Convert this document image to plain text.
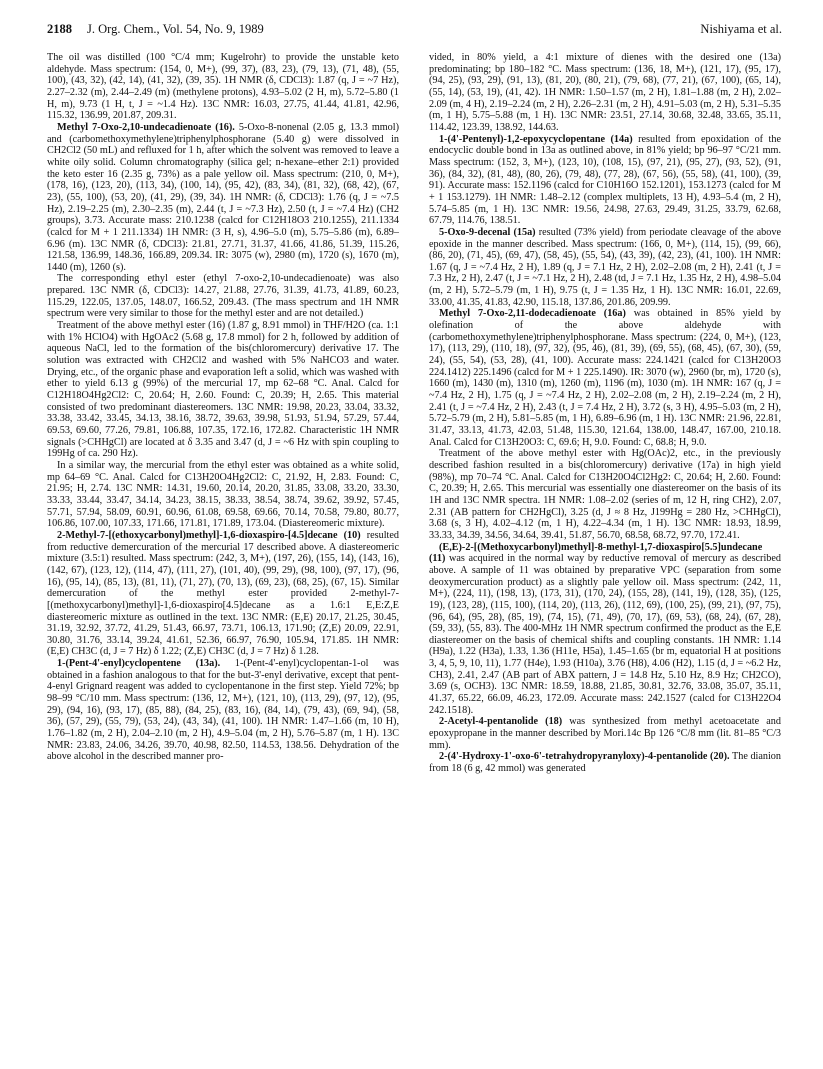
2188 J. Org. Chem., Vol. 54, No. 9, 1989	Nishiyama et al.

The oil was distilled (100 °C/4 mm; Kugelrohr) to provide the unstable keto aldehyde. Mass spectrum: (154, 0, M+), (99, 37), (83, 23), (79, 13), (71, 48), (55, 100), (43, 32), (42, 14), (41, 32), (39, 35). 1H NMR (δ, CDCl3): 1.87 (q, J = ~7 Hz), 2.27–2.32 (m), 2.44–2.49 (m) (methylene protons), 4.93–5.02 (2 H, m), 5.72–5.80 (1 H, m), 9.73 (1 H, t, J = ~1.4 Hz). 13C NMR: 16.03, 27.75, 41.44, 41.81, 42.96, 115.32, 136.99, 201.87, 209.31.

Methyl 7-Oxo-2,10-undecadienoate (16). 5-Oxo-8-nonenal (2.05 g, 13.3 mmol) and (carbomethoxymethylene)triphenylphosphorane (5.40 g) were dissolved in CH2Cl2 (50 mL) and refluxed for 1 h, after which the solvent was removed to leave a white oily solid. Column chromatography (silica gel; n-hexane–ether 2:1) provided the keto ester 16 (2.35 g, 73%) as a pale yellow oil. Mass spectrum: (210, 0, M+), (178, 16), (123, 20), (113, 34), (100, 14), (95, 42), (83, 34), (81, 32), (68, 42), (67, 23), (55, 100), (53, 20), (41, 29), (39, 34). 1H NMR: (δ, CDCl3): 1.76 (q, J = ~7.5 Hz), 2.19–2.25 (m), 2.30–2.35 (m), 2.44 (t, J = ~7.3 Hz), 2.50 (t, J = ~7.4 Hz) (CH2 groups), 3.73. Accurate mass: 210.1238 (calcd for C12H18O3 210.1255), 211.1334 (calcd for M + 1 211.1334) 1H NMR: (3 H, s), 4.96–5.0 (m), 5.75–5.86 (m), 6.89–6.96 (m). 13C NMR (δ, CDCl3): 21.81, 27.71, 31.37, 41.66, 41.86, 51.39, 115.26, 121.58, 136.99, 148.36, 166.89, 209.34. IR: 3075 (w), 2980 (m), 1720 (s), 1670 (m), 1440 (m), 1260 (s).

The corresponding ethyl ester (ethyl 7-oxo-2,10-undecadienoate) was also prepared. 13C NMR (δ, CDCl3): 14.27, 21.88, 27.76, 31.39, 41.73, 41.89, 60.23, 115.29, 122.05, 137.05, 148.07, 166.52, 209.43. (The mass spectrum and 1H NMR spectrum were very similar to those for the methyl ester and are not detailed.)

Treatment of the above methyl ester (16) (1.87 g, 8.91 mmol) in THF/H2O (ca. 1:1 with 1% HClO4) with HgOAc2 (5.68 g, 17.8 mmol) for 2 h, followed by addition of aqueous NaCl, led to the formation of the bis(chloromercury) derivative 17. The solution was extracted with CH2Cl2 and washed with 5% NaHCO3 and water. Drying, etc., of the organic phase and evaporation left a solid, which was washed with ether to yield 6.13 g (99%) of the mercurial 17, mp 62–68 °C. Anal. Calcd for C12H18O4Hg2Cl2: C, 20.64; H, 2.60. Found: C, 20.39; H, 2.65. This material consisted of two predominant diastereomers. 13C NMR: 19.98, 20.23, 33.04, 33.32, 33.38, 33.42, 33.45, 34.13, 38.16, 38.72, 39.63, 39.98, 51.93, 51.94, 57.29, 57.44, 69.53, 69.60, 77.26, 79.81, 106.88, 107.35, 172.16, 172.82. Characteristic 1H NMR signals (>CHHgCl) are located at δ 3.35 and 3.47 (d, J = ~6 Hz with spin coupling to 199Hg of ca. 290 Hz).

In a similar way, the mercurial from the ethyl ester was obtained as a white solid, mp 64–69 °C. Anal. Calcd for C13H20O4Hg2Cl2: C, 21.92, H, 2.83. Found: C, 21.95; H, 2.74. 13C NMR: 14.31, 19.60, 20.14, 20.20, 31.85, 33.08, 33.20, 33.30, 33.33, 33.44, 33.47, 34.14, 34.23, 38.15, 38.33, 38.54, 38.74, 39.62, 39.92, 57.45, 57.71, 57.94, 58.09, 60.91, 60.96, 61.08, 69.58, 69.66, 70.14, 70.58, 79.80, 80.77, 106.86, 107.00, 107.33, 171.66, 171.81, 171.89, 173.04. (Diastereomeric mixture).

2-Methyl-7-[(ethoxycarbonyl)methyl]-1,6-dioxaspiro-[4.5]decane (10) resulted from reductive demercuration of the mercurial 17 described above. A diastereomeric mixture (3.5:1) resulted. Mass spectrum: (242, 3, M+), (197, 26), (155, 14), (143, 16), (142, 67), (123, 12), (114, 47), (111, 27), (101, 40), (99, 29), (98, 100), (97, 17), (96, 16), (95, 14), (85, 13), (81, 11), (71, 27), (70, 13), (69, 23), (68, 25), (67, 15). Similar demercuration of the methyl ester provided 2-methyl-7-[(methoxycarbonyl)methyl]-1,6-dioxaspiro[4.5]decane as a 1.6:1 E,E:Z,E diastereomeric mixture as outlined in the text. 13C NMR: (E,E) 20.17, 21.25, 30.45, 31.19, 32.92, 37.72, 41.29, 51.43, 66.97, 73.71, 106.13, 171.90; (Z,E) 20.09, 22.91, 30.80, 31.76, 33.14, 39.24, 41.61, 52.36, 66.97, 76.90, 105.94, 171.85. 1H NMR: (E,E) CH3C (d, J = 7 Hz) δ 1.22; (Z,E) CH3C (d, J = 7 Hz) δ 1.28.

1-(Pent-4'-enyl)cyclopentene (13a). 1-(Pent-4'-enyl)cyclopentan-1-ol was obtained in a fashion analogous to that for the but-3'-enyl derivative, except that pent-4-enyl Grignard reagent was added to cyclopentanone in the first step. Yield 72%; bp 98–99 °C/10 mm. Mass spectrum: (136, 12, M+), (121, 10), (113, 29), (97, 12), (95, 29), (94, 16), (93, 17), (85, 88), (84, 25), (83, 16), (84, 14), (79, 43), (69, 94), (58, 36), (57, 29), (55, 79), (53, 24), (43, 34), (41, 100). 1H NMR: 1.47–1.66 (m, 10 H), 1.76–1.82 (m, 2 H), 2.04–2.10 (m, 2 H), 4.9–5.04 (m, 2 H), 5.76–5.87 (m, 1 H). 13C NMR: 23.83, 24.06, 34.26, 39.70, 40.98, 82.50, 114.53, 138.56. Dehydration of the above alcohol in the described manner pro-

vided, in 80% yield, a 4:1 mixture of dienes with the desired one (13a) predominating; bp 180–182 °C. Mass spectrum: (136, 18, M+), (121, 17), (95, 17), (94, 25), (93, 29), (91, 13), (81, 20), (80, 21), (79, 68), (77, 21), (67, 100), (65, 14), (55, 14), (53, 19), (41, 42). 1H NMR: 1.50–1.57 (m, 2 H), 1.81–1.88 (m, 2 H), 2.02–2.09 (m, 4 H), 2.19–2.24 (m, 2 H), 2.26–2.31 (m, 2 H), 4.91–5.03 (m, 2 H), 5.31–5.35 (m, 1 H), 5.75–5.88 (m, 1 H). 13C NMR: 23.51, 27.14, 30.68, 32.48, 33.65, 35.11, 114.42, 123.39, 138.92, 144.63.

1-(4'-Pentenyl)-1,2-epoxycyclopentane (14a) resulted from epoxidation of the endocyclic double bond in 13a as outlined above, in 81% yield; bp 96–97 °C/21 mm. Mass spectrum: (152, 3, M+), (123, 10), (108, 15), (97, 21), (95, 27), (93, 52), (91, 36), (84, 32), (81, 48), (80, 26), (79, 48), (77, 28), (67, 56), (55, 58), (41, 100), (39, 91). Accurate mass: 152.1196 (calcd for C10H16O 152.1201), 153.1273 (calcd for M + 1 153.1279). 1H NMR: 1.48–2.12 (complex multiplets, 13 H), 4.93–5.4 (m, 2 H), 5.74–5.85 (m, 1 H). 13C NMR: 19.56, 24.98, 27.63, 29.49, 31.25, 33.79, 62.68, 67.79, 114.76, 138.51.

5-Oxo-9-decenal (15a) resulted (73% yield) from periodate cleavage of the above epoxide in the manner described. Mass spectrum: (166, 0, M+), (114, 15), (99, 66), (86, 20), (71, 45), (69, 47), (58, 45), (55, 54), (43, 39), (42, 23), (41, 100). 1H NMR: 1.67 (q, J = ~7.4 Hz, 2 H), 1.89 (q, J = 7.1 Hz, 2 H), 2.02–2.08 (m, 2 H), 2.41 (t, J = 7.3 Hz, 2 H), 2.47 (t, J = ~7.1 Hz, 2 H), 2.48 (td, J = 7.1 Hz, 1.35 Hz, 2 H), 4.98–5.04 (m, 2 H), 5.72–5.79 (m, 1 H), 9.75 (t, J = 1.35 Hz, 1 H). 13C NMR: 16.01, 22.69, 33.00, 41.35, 41.83, 42.90, 115.18, 137.86, 201.86, 209.99.

Methyl 7-Oxo-2,11-dodecadienoate (16a) was obtained in 85% yield by olefination of the above aldehyde with (carbomethoxymethylene)triphenylphosphorane. Mass spectrum: (224, 0, M+), (123, 17), (113, 29), (110, 18), (97, 32), (95, 46), (81, 39), (69, 55), (68, 45), (67, 30), (59, 24), (55, 54), (53, 28), (41, 100). Accurate mass: 224.1421 (calcd for C13H20O3 224.1412) 225.1496 (calcd for M + 1 225.1490). IR: 3070 (w), 2960 (br, m), 1720 (s), 1660 (m), 1430 (m), 1310 (m), 1260 (m), 1196 (m), 1030 (m). 1H NMR: 167 (q, J = ~7.4 Hz, 2 H), 1.75 (q, J = ~7.4 Hz, 2 H), 2.02–2.08 (m, 2 H), 2.19–2.24 (m, 2 H), 2.41 (t, J = ~7.4 Hz, 2 H), 2.43 (t, J = 7.4 Hz, 2 H), 3.72 (s, 3 H), 4.95–5.03 (m, 2 H), 5.72–5.79 (m, 2 H), 5.81–5.85 (m, 1 H), 6.89–6.96 (m, 1 H). 13C NMR: 21.96, 22.81, 31.47, 33.13, 41.73, 42.03, 51.48, 115.30, 121.64, 138.00, 148.47, 167.00, 210.18. Anal. Calcd for C13H20O3: C, 69.6; H, 9.0. Found: C, 68.8; H, 9.0.

Treatment of the above methyl ester with Hg(OAc)2, etc., in the previously described fashion resulted in a bis(chloromercury) derivative (17a) in high yield (98%), mp 70–74 °C. Anal. Calcd for C13H20O4Cl2Hg2: C, 20.64; H, 2.60. Found: C, 20.39; H, 2.65. This mercurial was essentially one diastereomer on the basis of its 1H and 13C NMR spectra. 1H NMR: 1.08–2.02 (series of m, 12 H, ring CH2), 2.07, 2.31 (AB pattern for CH2HgCl), 3.25 (d, J ≈ 8 Hz, J199Hg = 280 Hz, >CHHgCl), 3.68 (s, 3 H), 4.02–4.12 (m, 1 H), 4.22–4.34 (m, 1 H). 13C NMR: 18.93, 18.99, 33.33, 34.39, 34.56, 34.64, 39.41, 51.87, 56.70, 68.58, 68.72, 97.70, 172.41.

(E,E)-2-[(Methoxycarbonyl)methyl]-8-methyl-1,7-dioxaspiro[5.5]undecane (11) was acquired in the normal way by reductive removal of mercury as described above. A sample of 11 was obtained by preparative VPC (separation from some deoxymercuration product) as a slightly pale yellow oil. Mass spectrum: (242, 11, M+), (224, 11), (198, 13), (173, 31), (170, 24), (155, 28), (141, 19), (128, 35), (125, 19), (123, 28), (115, 100), (114, 20), (113, 26), (112, 69), (100, 25), (99, 21), (97, 75), (96, 64), (95, 28), (85, 19), (74, 15), (71, 49), (70, 17), (69, 53), (68, 24), (67, 28), (59, 33), (55, 83). The 400-MHz 1H NMR spectrum confirmed the product as the E,E diastereomer on the basis of chemical shifts and coupling constants. 1H NMR: 1.14 (H9a), 1.22 (H3a), 1.33, 1.36 (H11e, H5a), 1.45–1.65 (br m, equatorial H at positions 3, 4, 5, 9, 10, 11), 1.77 (H4e), 1.93 (H10a), 3.76 (H8), 4.06 (H2), 1.15 (d, J = ~6.2 Hz, CH3), 2.41, 2.47 (AB part of ABX pattern, J = 14.8 Hz, 5.10 Hz, 8.9 Hz; CH2CO), 3.69 (s, OCH3). 13C NMR: 18.59, 18.88, 21.85, 30.81, 32.76, 33.08, 35.07, 35.11, 41.37, 65.22, 66.09, 46.23, 172.09. Accurate mass: 242.1527 (calcd for C13H22O4 242.1518).

2-Acetyl-4-pentanolide (18) was synthesized from methyl acetoacetate and epoxypropane in the manner described by Mori.14c Bp 126 °C/8 mm (lit. 81–85 °C/3 mm).

2-(4'-Hydroxy-1'-oxo-6'-tetrahydropyranyloxy)-4-pentanolide (20). The dianion from 18 (6 g, 42 mmol) was generated
